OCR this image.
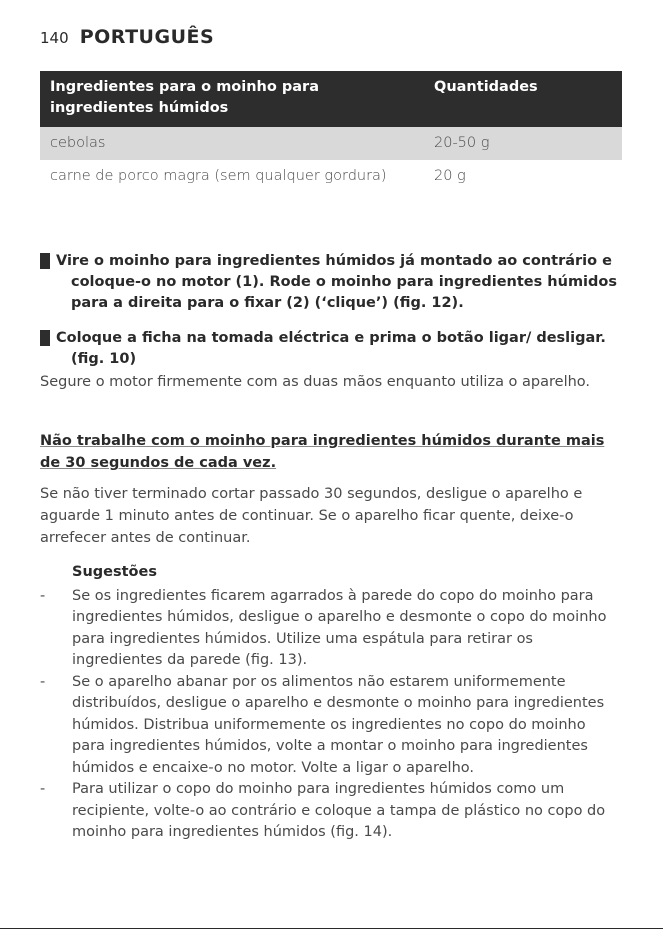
140 PORTUGUÊS
Ingredientes para o moinho para ingredientes húmidos	Quantidades
cebolas	20-50 g
carne de porco magra (sem qualquer gordura)	20 g
2 Vire o moinho para ingredientes húmidos já montado ao contrário e coloque-o no motor (1). Rode o moinho para ingredientes húmidos para a direita para o fixar (2) (‘clique’) (fig. 12).
3 Coloque a ficha na tomada eléctrica e prima o botão ligar/ desligar. (fig. 10)
Segure o motor firmemente com as duas mãos enquanto utiliza o aparelho.
Não trabalhe com o moinho para ingredientes húmidos durante mais de 30 segundos de cada vez.
Se não tiver terminado cortar passado 30 segundos, desligue o aparelho e aguarde 1 minuto antes de continuar. Se o aparelho ficar quente, deixe-o arrefecer antes de continuar.
Sugestões
- Se os ingredientes ficarem agarrados à parede do copo do moinho para ingredientes húmidos, desligue o aparelho e desmonte o copo do moinho para ingredientes húmidos. Utilize uma espátula para retirar os ingredientes da parede (fig. 13).
- Se o aparelho abanar por os alimentos não estarem uniformemente distribuídos, desligue o aparelho e desmonte o moinho para ingredientes húmidos. Distribua uniformemente os ingredientes no copo do moinho para ingredientes húmidos, volte a montar o moinho para ingredientes húmidos e encaixe-o no motor. Volte a ligar o aparelho.
- Para utilizar o copo do moinho para ingredientes húmidos como um recipiente, volte-o ao contrário e coloque a tampa de plástico no copo do moinho para ingredientes húmidos (fig. 14).
